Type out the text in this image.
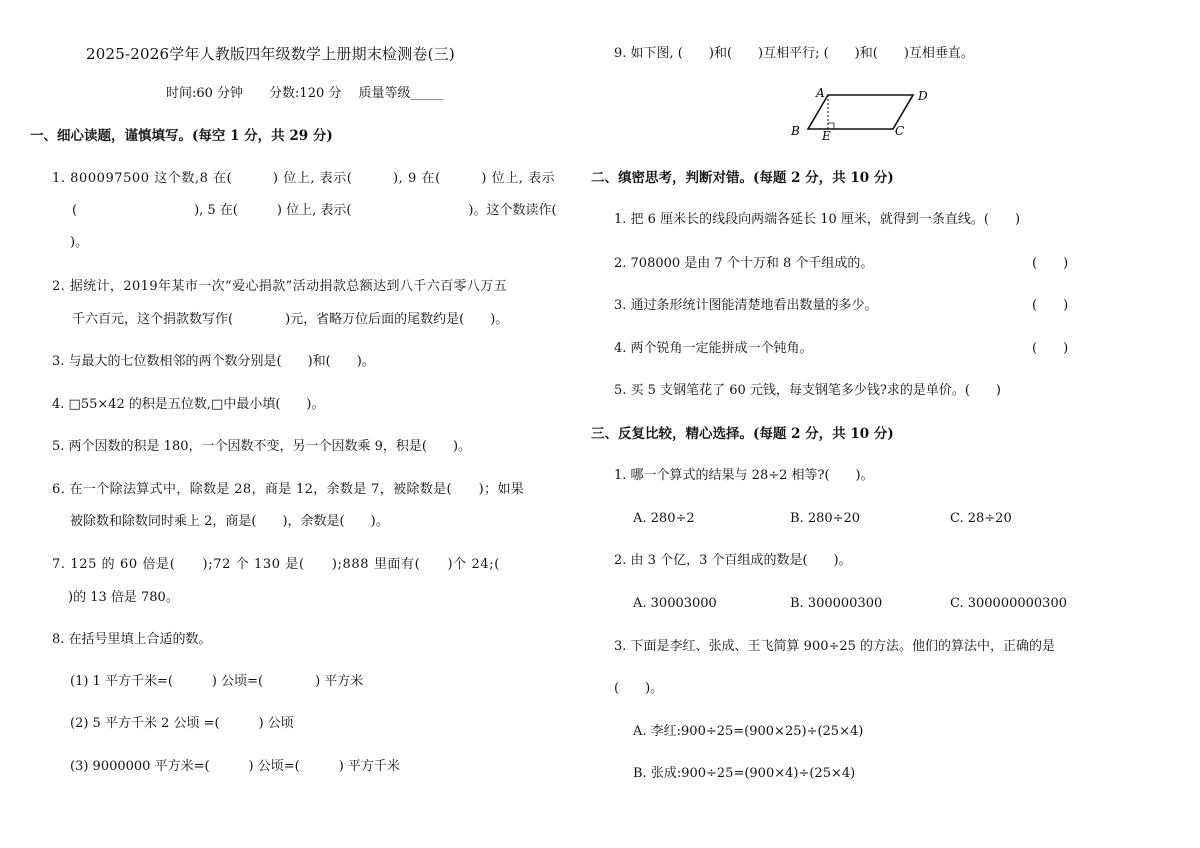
2025-2026学年人教版四年级数学上册期末检测卷(三)
时间:60 分钟　　分数:120 分　 质量等级_____
一、细心读题，谨慎填写。(每空 1 分，共 29 分)
1. 800097500 这个数,8 在(　　　) 位上, 表示(　　　), 9 在(　　　) 位上, 表示
(　　　　　　　　　), 5 在(　　　) 位上, 表示(　　　　　　　　　)。这个数读作(
)。
2. 据统计，2019年某市一次“爱心捐款”活动捐款总额达到八千六百零八万五
千六百元，这个捐款数写作(　　　　)元，省略万位后面的尾数约是(　　)。
3. 与最大的七位数相邻的两个数分别是(　　)和(　　)。
4. □55×42 的积是五位数,□中最小填(　　)。
5. 两个因数的积是 180，一个因数不变，另一个因数乘 9，积是(　　)。
6. 在一个除法算式中，除数是 28，商是 12，余数是 7，被除数是(　　)；如果
被除数和除数同时乘上 2，商是(　　)，余数是(　　)。
7. 125 的 60 倍是(　　);72 个 130 是(　　);888 里面有(　　)个 24;(
)的 13 倍是 780。
8. 在括号里填上合适的数。
(1) 1 平方千米=(　　　) 公顷=(　　　　) 平方米
(2) 5 平方千米 2 公顷 =(　　　) 公顷
(3) 9000000 平方米=(　　　) 公顷=(　　　) 平方千米
9. 如下图, (　　)和(　　)互相平行; (　　)和(　　)互相垂直。
A	D
B E	C
二、缜密思考，判断对错。(每题 2 分，共 10 分)
1. 把 6 厘米长的线段向两端各延长 10 厘米，就得到一条直线。(　　)
2. 708000 是由 7 个十万和 8 个千组成的。	(　　)
3. 通过条形统计图能清楚地看出数量的多少。	(　　)
4. 两个锐角一定能拼成一个钝角。	(　　)
5. 买 5 支钢笔花了 60 元钱，每支钢笔多少钱?求的是单价。(　　)
三、反复比较，精心选择。(每题 2 分，共 10 分)
1. 哪一个算式的结果与 28÷2 相等?(　　)。
A. 280÷2	B. 280÷20	C. 28÷20
2. 由 3 个亿，3 个百组成的数是(　　)。
A. 30003000	B. 300000300	C. 300000000300
3. 下面是李红、张成、王飞简算 900÷25 的方法。他们的算法中，正确的是
(　　)。
A. 李红:900÷25=(900×25)÷(25×4)
B. 张成:900÷25=(900×4)÷(25×4)
